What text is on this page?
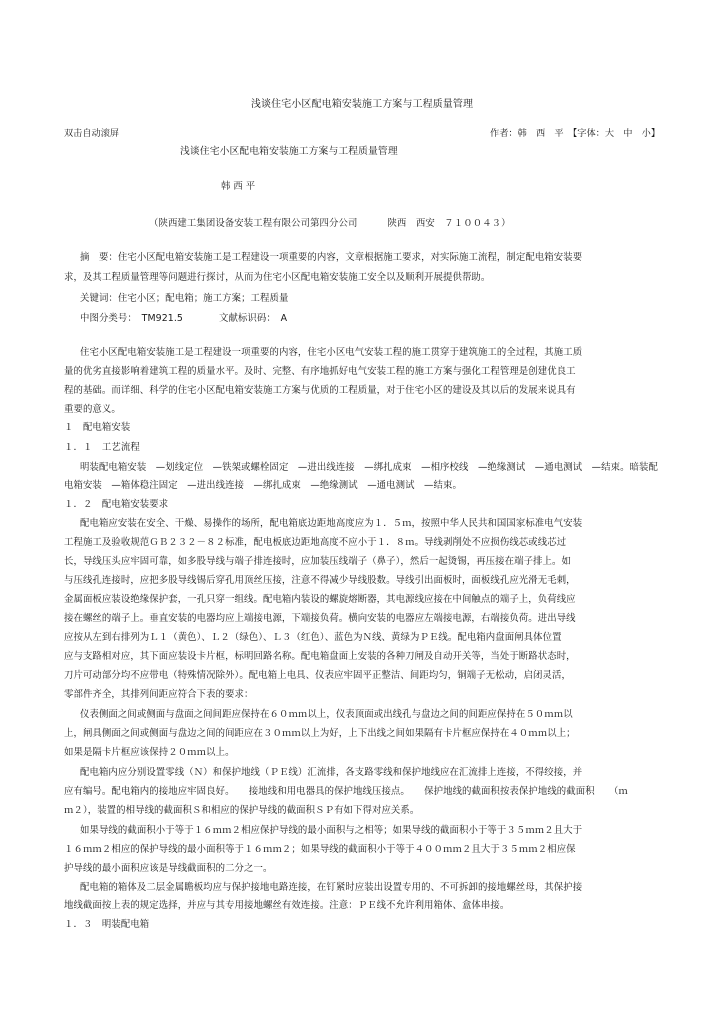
浅谈住宅小区配电箱安装施工方案与工程质量管理
双击自动滚屏	作者：韩　西　平　 【字体：大　 中　 小】
浅谈住宅小区配电箱安装施工方案与工程质量管理
韩西平
（陕西建工集团设备安装工程有限公司第四分公司	陕西　西安　７１００４３）
摘　要：住宅小区配电箱安装施工是工程建设一项重要的内容，文章根据施工要求，对实际施工流程，制定配电箱安装要
求，及其工程质量管理等问题进行探讨，从而为住宅小区配电箱安装施工安全以及顺利开展提供帮助。
关键词：住宅小区；配电箱；施工方案；工程质量
中图分类号：　TM921.5	文献标识码：　A
住宅小区配电箱安装施工是工程建设一项重要的内容，住宅小区电气安装工程的施工贯穿于建筑施工的全过程，其施工质
量的优劣直接影响着建筑工程的质量水平。及时、完整、有序地抓好电气安装工程的施工方案与强化工程管理是创建优良工
程的基础。而详细、科学的住宅小区配电箱安装施工方案与优质的工程质量，对于住宅小区的建设及其以后的发展来说具有
重要的意义。
１　配电箱安装
１．１　工艺流程
明装配电箱安装　—划线定位　—铁架或螺栓固定　—进出线连接　—绑扎成束　—相序校线　—绝缘测试　—通电测试　—结束。暗装配
电箱安装　—箱体稳注固定　—进出线连接　—绑扎成束　—绝缘测试　—通电测试　—结束。
１．２　配电箱安装要求
配电箱应安装在安全、干燥、易操作的场所，配电箱底边距地高度应为１．５ｍ，按照中华人民共和国国家标准电气安装
工程施工及验收规范ＧＢ２３２－８２标准，配电板底边距地高度不应小于１．８ｍ。导线剥削处不应损伤线芯或线芯过
长，导线压头应牢固可靠，如多股导线与端子排连接时，应加装压线端子（鼻子），然后一起烫锡，再压接在端子排上。如
与压线孔连接时，应把多股导线锡后穿孔用顶丝压接，注意不得减少导线股数。导线引出面板时，面板线孔应光滑无毛刺，
金属面板应装设绝缘保护套，一孔只穿一组线。配电箱内装设的螺旋熔断器，其电源线应接在中间触点的端子上，负荷线应
接在螺丝的端子上。垂直安装的电器均应上端接电源，下端接负荷。横向安装的电器应左端接电源，右端接负荷。进出导线
应按从左到右排列为Ｌ１（黄色）、Ｌ２（绿色）、Ｌ３（红色）、蓝色为Ｎ线、黄绿为ＰＥ线。配电箱内盘面闸具体位置
应与支路相对应，其下面应装设卡片框，标明回路名称。配电箱盘面上安装的各种刀闸及自动开关等，当处于断路状态时，
刀片可动部分均不应带电（特殊情况除外）。配电箱上电具、仪表应牢固平正整洁、间距均匀，铜端子无松动，启闭灵活，
零部件齐全，其排列间距应符合下表的要求：
仪表侧面之间或侧面与盘面之间间距应保持在６０ｍｍ以上，仪表顶面或出线孔与盘边之间的间距应保持在５０ｍｍ以
上，闸具侧面之间或侧面与盘边之间的间距应在３０ｍｍ以上为好，上下出线之间如果隔有卡片框应保持在４０ｍｍ以上；
如果是隔卡片框应该保持２０ｍｍ以上。
配电箱内应分别设置零线（Ｎ）和保护地线（ＰＥ线）汇流排，各支路零线和保护地线应在汇流排上连接，不得绞接，并
应有编号。配电箱内的接地应牢固良好。　　接地线和用电器具的保护地线压接点。　　保护地线的截面积按表保护地线的截面积　　（ｍ
ｍ２），装置的相导线的截面积Ｓ和相应的保护导线的截面积ＳＰ有如下得对应关系。
如果导线的截面积小于等于１６ｍｍ２相应保护导线的最小面积与之相等；如果导线的截面积小于等于３５ｍｍ２且大于
１６ｍｍ２相应的保护导线的最小面积等于１６ｍｍ２；如果导线的截面积小于等于４００ｍｍ２且大于３５ｍｍ２相应保
护导线的最小面积应该是导线截面积的二分之一。
配电箱的箱体及二层金属瞻板均应与保护接地电路连接，在钉紧时应装出设置专用的、不可拆卸的接地螺丝母，其保护接
地线截面按上表的规定选择，并应与其专用接地螺丝有效连接。注意：ＰＥ线不允许利用箱体、盒体串接。
１．３　明装配电箱
